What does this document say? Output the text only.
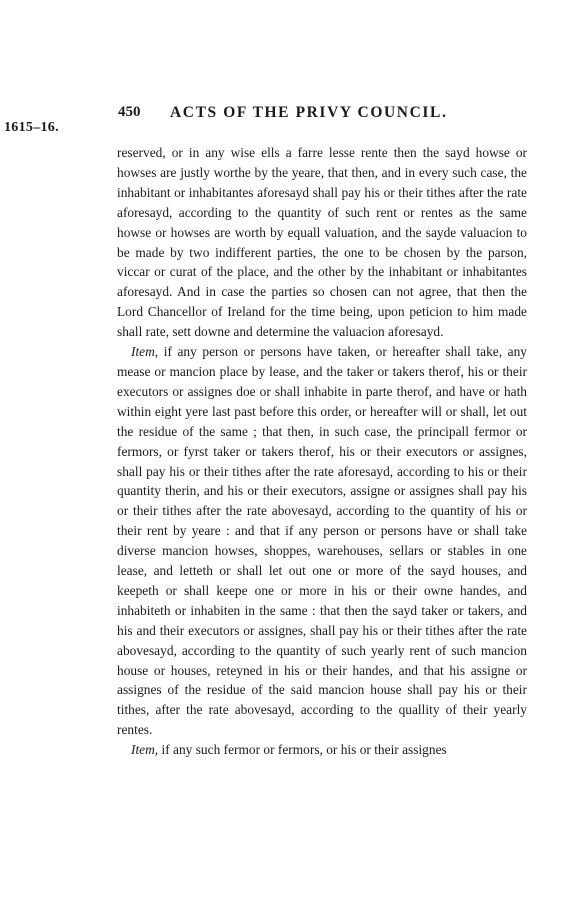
1615–16.
450 ACTS OF THE PRIVY COUNCIL.

reserved, or in any wise ells a farre lesse rente then the sayd howse or howses are justly worthe by the yeare, that then, and in every such case, the inhabitant or inhabitantes aforesayd shall pay his or their tithes after the rate aforesayd, according to the quantity of such rent or rentes as the same howse or howses are worth by equall valuation, and the sayde valuacion to be made by two indifferent parties, the one to be chosen by the parson, viccar or curat of the place, and the other by the inhabitant or inhabitantes aforesayd. And in case the parties so chosen can not agree, that then the Lord Chancellor of Ireland for the time being, upon peticion to him made shall rate, sett downe and determine the valuacion aforesayd.

Item, if any person or persons have taken, or hereafter shall take, any mease or mancion place by lease, and the taker or takers therof, his or their executors or assignes doe or shall inhabite in parte therof, and have or hath within eight yere last past before this order, or hereafter will or shall, let out the residue of the same ; that then, in such case, the principall fermor or fermors, or fyrst taker or takers therof, his or their executors or assignes, shall pay his or their tithes after the rate aforesayd, according to his or their quantity therin, and his or their executors, assigne or assignes shall pay his or their tithes after the rate abovesayd, according to the quantity of his or their rent by yeare : and that if any person or persons have or shall take diverse mancion howses, shoppes, warehouses, sellars or stables in one lease, and letteth or shall let out one or more of the sayd houses, and keepeth or shall keepe one or more in his or their owne handes, and inhabiteth or inhabiten in the same : that then the sayd taker or takers, and his and their executors or assignes, shall pay his or their tithes after the rate abovesayd, according to the quantity of such yearly rent of such mancion house or houses, reteyned in his or their handes, and that his assigne or assignes of the residue of the said mancion house shall pay his or their tithes, after the rate abovesayd, according to the quallity of their yearly rentes.

Item, if any such fermor or fermors, or his or their assignes
